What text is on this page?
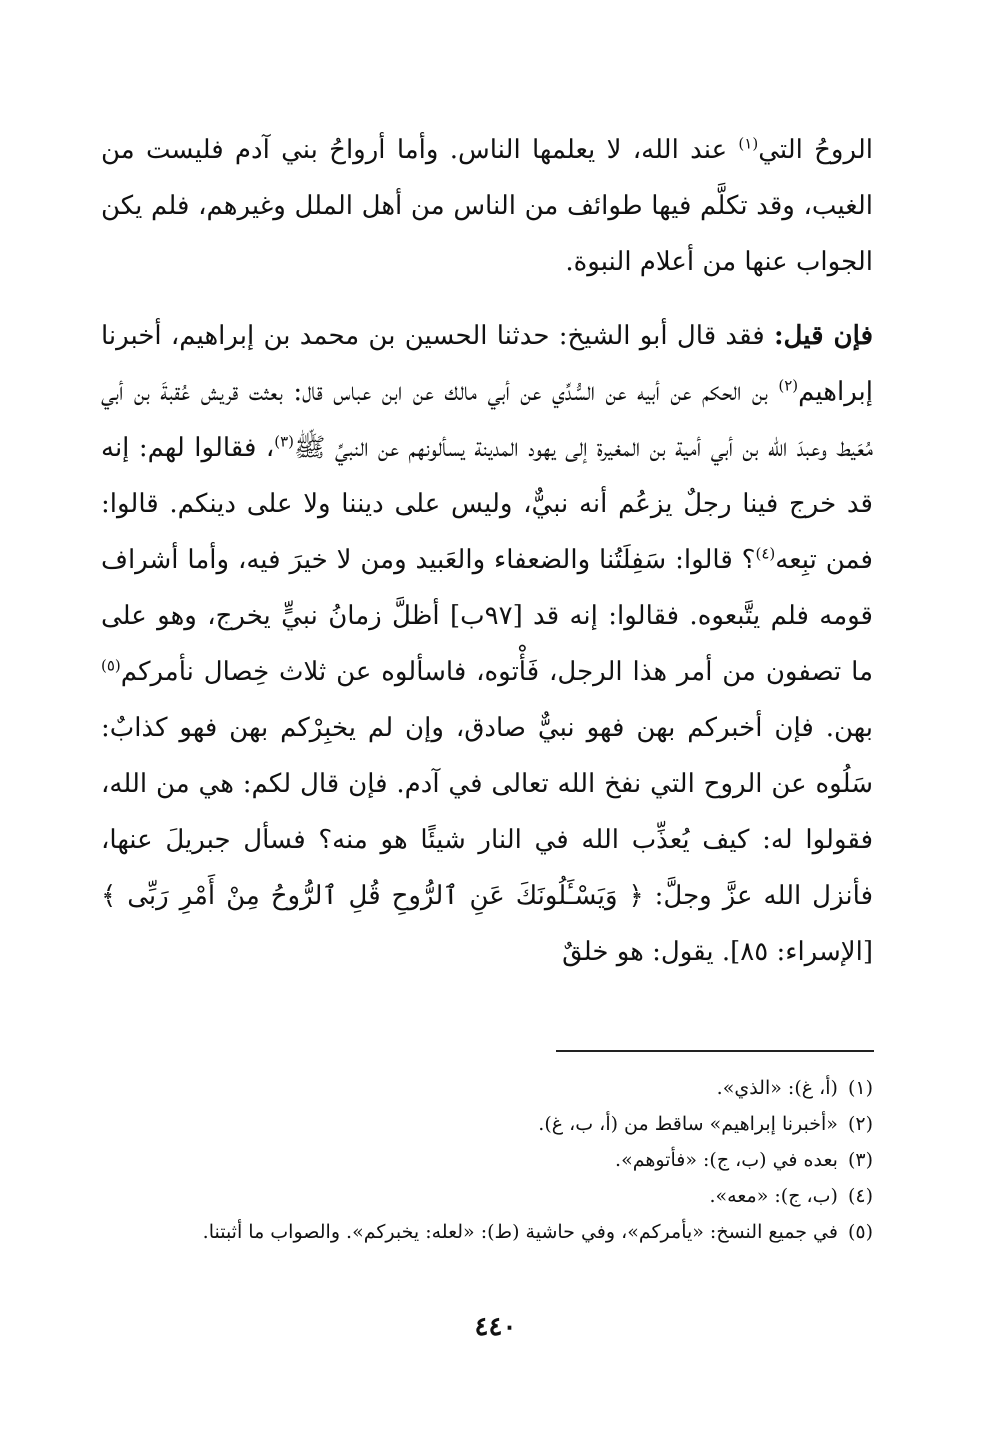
الروحُ التي$^{(١)}$ عند الله، لا يعلمها الناس. وأما أرواحُ بني آدم فليست من الغيب، وقد تكلَّم فيها طوائف من الناس من أهل الملل وغيرهم، فلم يكن الجواب عنها من أعلام النبوة.

فإن قيل: فقد قال أبو الشيخ: حدثنا الحسين بن محمد بن إبراهيم، أخبرنا إبراهيم$^{(٢)}$ بن الحكم عن أبيه عن السُّدِّي عن أبي مالك عن ابن عباس قال: بعثت قريش عُقبةَ بن أبي مُعَيط وعبدَ الله بن أبي أمية بن المغيرة إلى يهود المدينة يسألونهم عن النبيِّ ﷺ$^{(٣)}$، فقالوا لهم: إنه قد خرج فينا رجلٌ يزعُم أنه نبيٌّ، وليس على ديننا ولا على دينكم. قالوا: فمن تبِعه$^{(٤)}$؟ قالوا: سَفِلَتُنا والضعفاء والعَبيد ومن لا خيرَ فيه، وأما أشراف قومه فلم يتَّبعوه. فقالوا: إنه قد [٩٧ب] أظلَّ زمانُ نبيٍّ يخرج، وهو على ما تصفون من أمر هذا الرجل، فَأْتوه، فاسألوه عن ثلاث خِصال نأمركم$^{(٥)}$ بهن. فإن أخبركم بهن فهو نبيٌّ صادق، وإن لم يخبِرْكم بهن فهو كذابٌ: سَلُوه عن الروح التي نفخ الله تعالى في آدم. فإن قال لكم: هي من الله، فقولوا له: كيف يُعذِّب الله في النار شيئًا هو منه؟ فسأل جبريلَ عنها، فأنزل الله عزَّ وجلَّ: ﴿ وَيَسْـَٔلُونَكَ عَنِ ٱلرُّوحِ قُلِ ٱلرُّوحُ مِنْ أَمْرِ رَبِّى ﴾ [الإسراء: ٨٥]. يقول: هو خلقٌ

(١)(أ، غ): «الذي».
(٢)«أخبرنا إبراهيم» ساقط من (أ، ب، غ).
(٣)بعده في (ب، ج): «فأتوهم».
(٤)(ب، ج): «معه».
(٥)في جميع النسخ: «يأمركم»، وفي حاشية (ط): «لعله: يخبركم». والصواب ما أثبتنا.
٤٤٠
